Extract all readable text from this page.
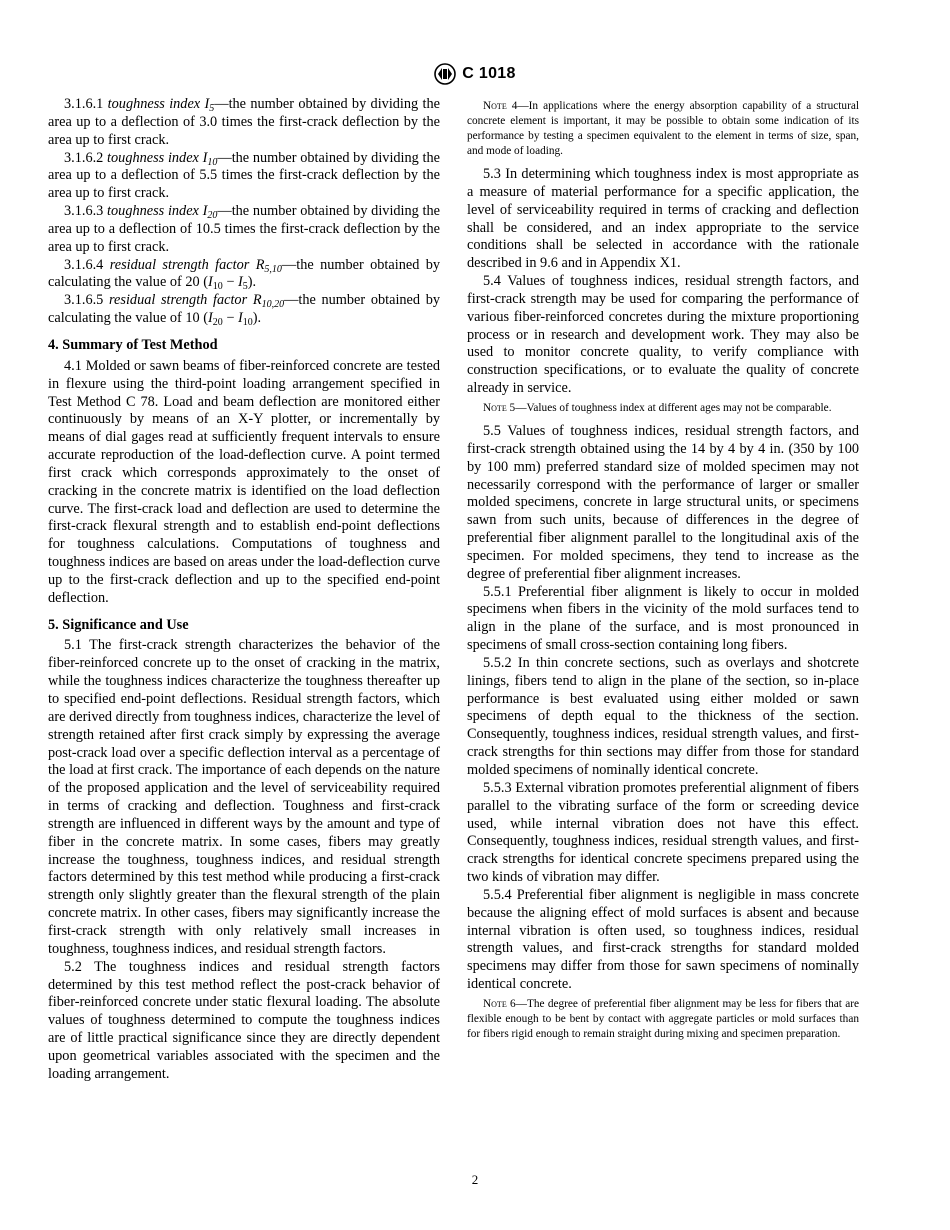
C 1018

3.1.6.1 toughness index $I_5—the$ number obtained by dividing the area up to a deflection of 3.0 times the first-crack deflection by the area up to first crack.

3.1.6.2 toughness index $I_{10}—the$ number obtained by dividing the area up to a deflection of 5.5 times the first-crack deflection by the area up to first crack.

3.1.6.3 toughness index $I_{20}—the$ number obtained by dividing the area up to a deflection of 10.5 times the first-crack deflection by the area up to first crack.

3.1.6.4 residual strength factor $R_{5,10}—the$ number obtained by calculating the value of 20 $(I_{10} - I_5)$.

3.1.6.5 residual strength factor $R_{10,20}—the$ number obtained by calculating the value of 10 $(I_{20} - I_{10})$.

4. Summary of Test Method

4.1 Molded or sawn beams of fiber-reinforced concrete are tested in flexure using the third-point loading arrangement specified in Test Method C 78. Load and beam deflection are monitored either continuously by means of an X-Y plotter, or incrementally by means of dial gages read at sufficiently frequent intervals to ensure accurate reproduction of the load-deflection curve. A point termed first crack which corresponds approximately to the onset of cracking in the concrete matrix is identified on the load deflection curve. The first-crack load and deflection are used to determine the first-crack flexural strength and to establish end-point deflections for toughness calculations. Computations of toughness and toughness indices are based on areas under the load-deflection curve up to the first-crack deflection and up to the specified end-point deflection.

5. Significance and Use

5.1 The first-crack strength characterizes the behavior of the fiber-reinforced concrete up to the onset of cracking in the matrix, while the toughness indices characterize the toughness thereafter up to specified end-point deflections. Residual strength factors, which are derived directly from toughness indices, characterize the level of strength retained after first crack simply by expressing the average post-crack load over a specific deflection interval as a percentage of the load at first crack. The importance of each depends on the nature of the proposed application and the level of serviceability required in terms of cracking and deflection. Toughness and first-crack strength are influenced in different ways by the amount and type of fiber in the concrete matrix. In some cases, fibers may greatly increase the toughness, toughness indices, and residual strength factors determined by this test method while producing a first-crack strength only slightly greater than the flexural strength of the plain concrete matrix. In other cases, fibers may significantly increase the first-crack strength with only relatively small increases in toughness, toughness indices, and residual strength factors.

5.2 The toughness indices and residual strength factors determined by this test method reflect the post-crack behavior of fiber-reinforced concrete under static flexural loading. The absolute values of toughness determined to compute the toughness indices are of little practical significance since they are directly dependent upon geometrical variables associated with the specimen and the loading arrangement.

Note 4—In applications where the energy absorption capability of a structural concrete element is important, it may be possible to obtain some indication of its performance by testing a specimen equivalent to the element in terms of size, span, and mode of loading.

5.3 In determining which toughness index is most appropriate as a measure of material performance for a specific application, the level of serviceability required in terms of cracking and deflection shall be considered, and an index appropriate to the service conditions shall be selected in accordance with the rationale described in 9.6 and in Appendix X1.

5.4 Values of toughness indices, residual strength factors, and first-crack strength may be used for comparing the performance of various fiber-reinforced concretes during the mixture proportioning process or in research and development work. They may also be used to monitor concrete quality, to verify compliance with construction specifications, or to evaluate the quality of concrete already in service.

Note 5—Values of toughness index at different ages may not be comparable.

5.5 Values of toughness indices, residual strength factors, and first-crack strength obtained using the 14 by 4 by 4 in. (350 by 100 by 100 mm) preferred standard size of molded specimen may not necessarily correspond with the performance of larger or smaller molded specimens, concrete in large structural units, or specimens sawn from such units, because of differences in the degree of preferential fiber alignment parallel to the longitudinal axis of the specimen. For molded specimens, they tend to increase as the degree of preferential fiber alignment increases.

5.5.1 Preferential fiber alignment is likely to occur in molded specimens when fibers in the vicinity of the mold surfaces tend to align in the plane of the surface, and is most pronounced in specimens of small cross-section containing long fibers.

5.5.2 In thin concrete sections, such as overlays and shotcrete linings, fibers tend to align in the plane of the section, so in-place performance is best evaluated using either molded or sawn specimens of depth equal to the thickness of the section. Consequently, toughness indices, residual strength values, and first-crack strengths for thin sections may differ from those for standard molded specimens of nominally identical concrete.

5.5.3 External vibration promotes preferential alignment of fibers parallel to the vibrating surface of the form or screeding device used, while internal vibration does not have this effect. Consequently, toughness indices, residual strength values, and first-crack strengths for identical concrete specimens prepared using the two kinds of vibration may differ.

5.5.4 Preferential fiber alignment is negligible in mass concrete because the aligning effect of mold surfaces is absent and because internal vibration is often used, so toughness indices, residual strength values, and first-crack strengths for standard molded specimens may differ from those for sawn specimens of nominally identical concrete.

Note 6—The degree of preferential fiber alignment may be less for fibers that are flexible enough to be bent by contact with aggregate particles or mold surfaces than for fibers rigid enough to remain straight during mixing and specimen preparation.
2
